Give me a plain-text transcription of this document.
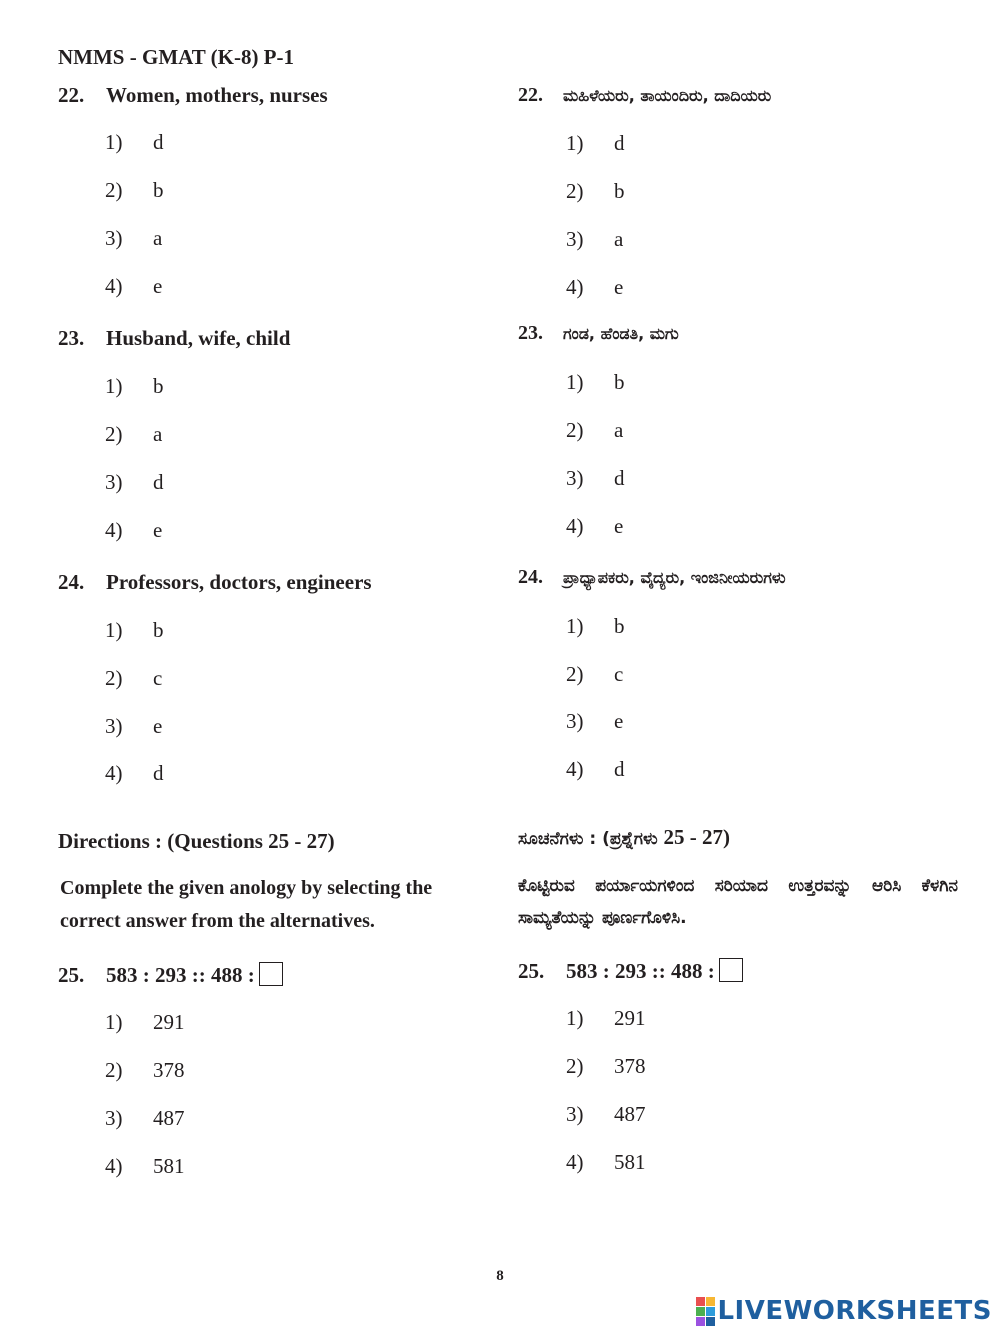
NMMS - GMAT (K-8) P-1
22. Women, mothers, nurses
1) d
2) b
3) a
4) e
23. Husband, wife, child
1) b
2) a
3) d
4) e
24. Professors, doctors, engineers
1) b
2) c
3) e
4) d
22. ಮಹಿಳೆಯರು, ತಾಯಂದಿರು, ದಾದಿಯರು
1) d
2) b
3) a
4) e
23. ಗಂಡ, ಹೆಂಡತಿ, ಮಗು
1) b
2) a
3) d
4) e
24. ಪ್ರಾಧ್ಯಾಪಕರು, ವೈದ್ಯರು, ಇಂಜಿನೀಯರುಗಳು
1) b
2) c
3) e
4) d
Directions : (Questions 25 - 27)
Complete the given anology by selecting the correct answer from the alternatives.
ಸೂಚನೆಗಳು : (ಪ್ರಶ್ನೆಗಳು 25 - 27)
ಕೊಟ್ಟಿರುವ ಪರ್ಯಾಯಗಳಿಂದ ಸರಿಯಾದ ಉತ್ತರವನ್ನು ಆರಿಸಿ ಕೆಳಗಿನ ಸಾಮ್ಯತೆಯನ್ನು ಪೂರ್ಣಗೊಳಿಸಿ.
25. 583 : 293 :: 488 :
1) 291
2) 378
3) 487
4) 581
25. 583 : 293 :: 488 :
1) 291
2) 378
3) 487
4) 581
8
LIVEWORKSHEETS
